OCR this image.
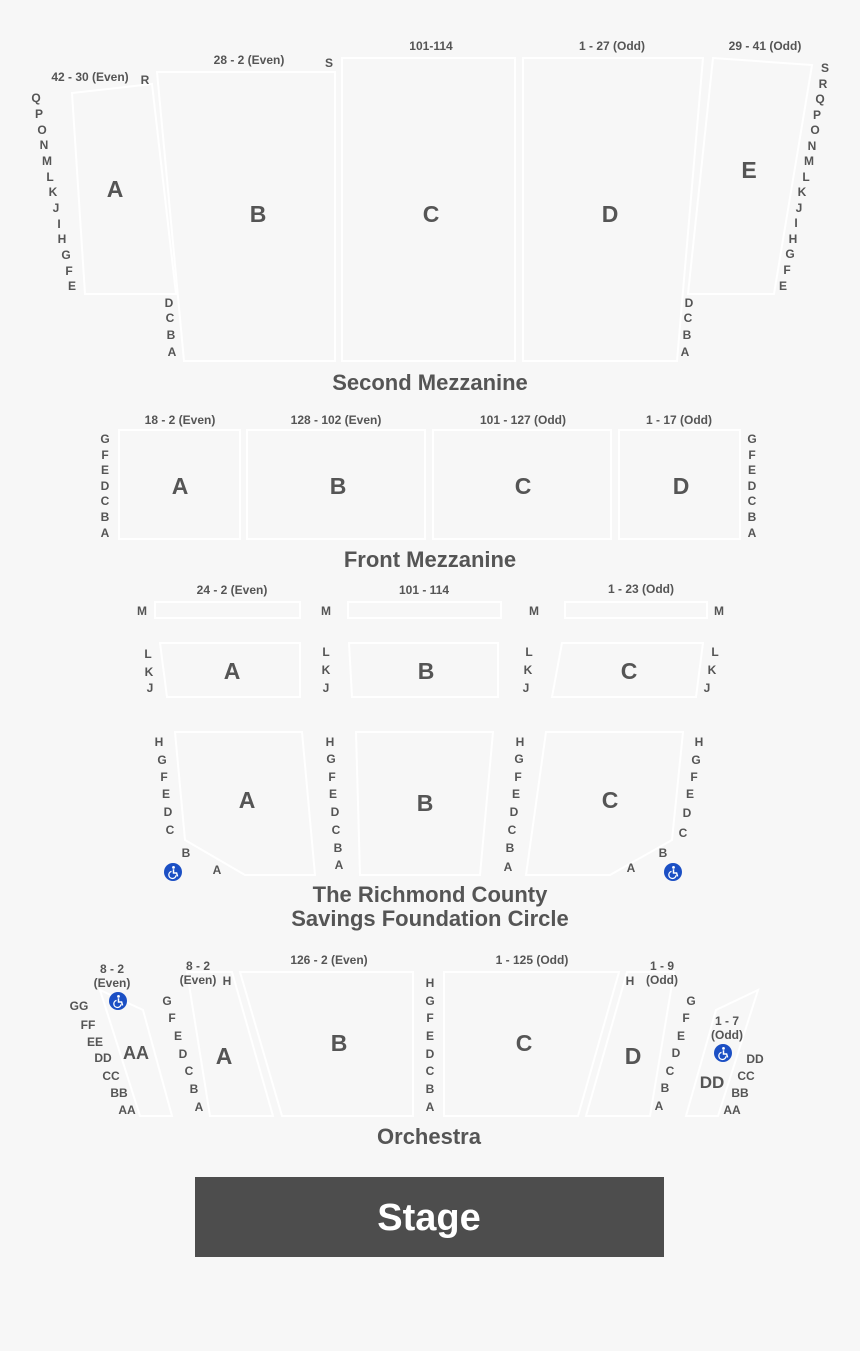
A
B	C	D
E
42 - 30 (Even)
28 - 2 (Even)
101-114	1 - 27 (Odd)	29 - 41 (Odd)
R
S
Q
P
O
N
M
L
K
J
I
H
G
F
E
S
R
Q
P
O
N
M
L
K
J
I
H
G
F
E
D
C
B
A
D
C
B
A
Second Mezzanine
A	B	C	D
18 - 2 (Even)	128 - 102 (Even)	101 - 127 (Odd)	1 - 17 (Odd)
G
F
E
D
C
B
A
G
F
E
D
C
B
A
Front Mezzanine
24 - 2 (Even)	101 - 114	1 - 23 (Odd)
M	M	M	M
A	B	C
L
K
J
L
K
J
L
K
J
L
K
J
A	B	C
H
G
F
E
D
C
B
A
H
G
F
E
D
C
B
A
H
G
F
E
D
C
B
A
H
G
F
E
D
C
B
A
The Richmond County
Savings Foundation Circle
AA	A	B	C	D
DD
8 - 2
(Even)
8 - 2
(Even)
126 - 2 (Even)	1 - 125 (Odd)	1 - 9
(Odd)
1 - 7
(Odd)
H	H
GG
FF
EE
DD
CC
BB
AA
G
F
E
D
C
B
A
H
G
F
E
D
C
B
A
G
F
E
D
C
B
A
DD
CC
BB
AA
Orchestra
Stage
